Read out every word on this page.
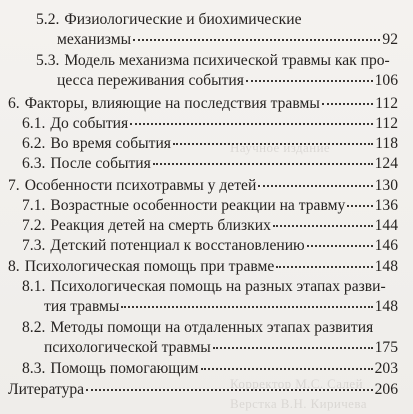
Научное издание
Корректор М.С. Салей
Верстка В.Н. Киричева
5.2. Физиологические и биохимические
механизмы	92
5.3. Модель механизма психической травмы как про-
цесса переживания события	106
6. Факторы, влияющие на последствия травмы	112
6.1. До события	112
6.2. Во время события	118
6.3. После события	124
7. Особенности психотравмы у детей	130
7.1. Возрастные особенности реакции на травму 136
7.2. Реакция детей на смерть близких	144
7.3. Детский потенциал к восстановлению	146
8. Психологическая помощь при травме	148
8.1. Психологическая помощь на разных этапах разви-
тия травмы	148
8.2. Методы помощи на отдаленных этапах развития
психологической травмы	175
8.3. Помощь помогающим	203
Литература	206
